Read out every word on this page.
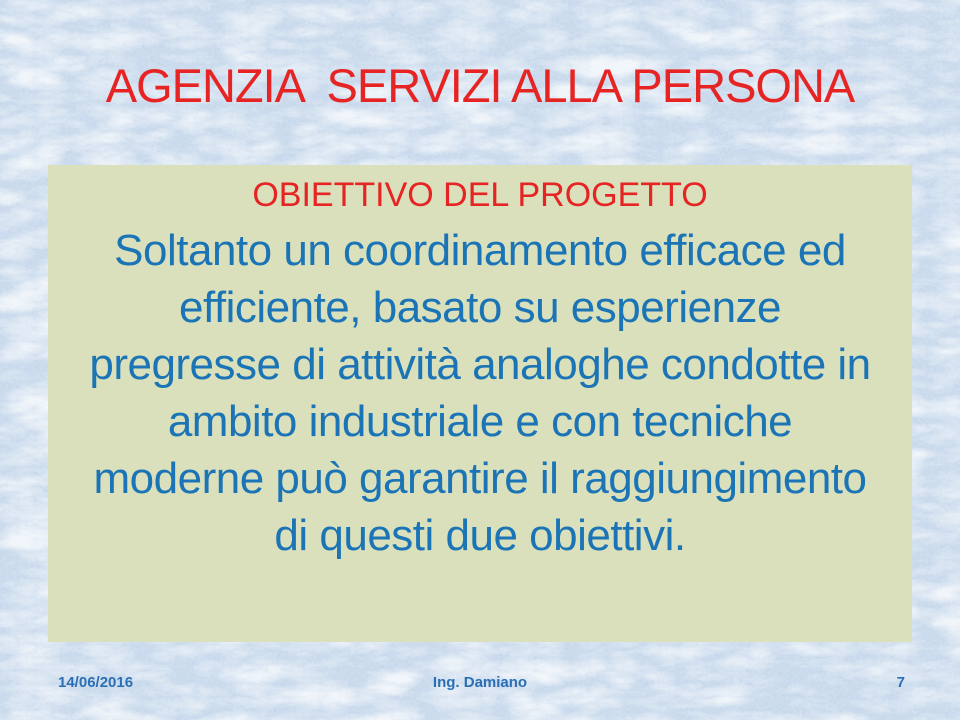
AGENZIA  SERVIZI ALLA PERSONA
OBIETTIVO DEL PROGETTO
Soltanto un coordinamento efficace ed
efficiente, basato su esperienze
pregresse di attività analoghe condotte in
ambito industriale e con tecniche
moderne può garantire il raggiungimento
di questi due obiettivi.
14/06/2016	Ing. Damiano	7
